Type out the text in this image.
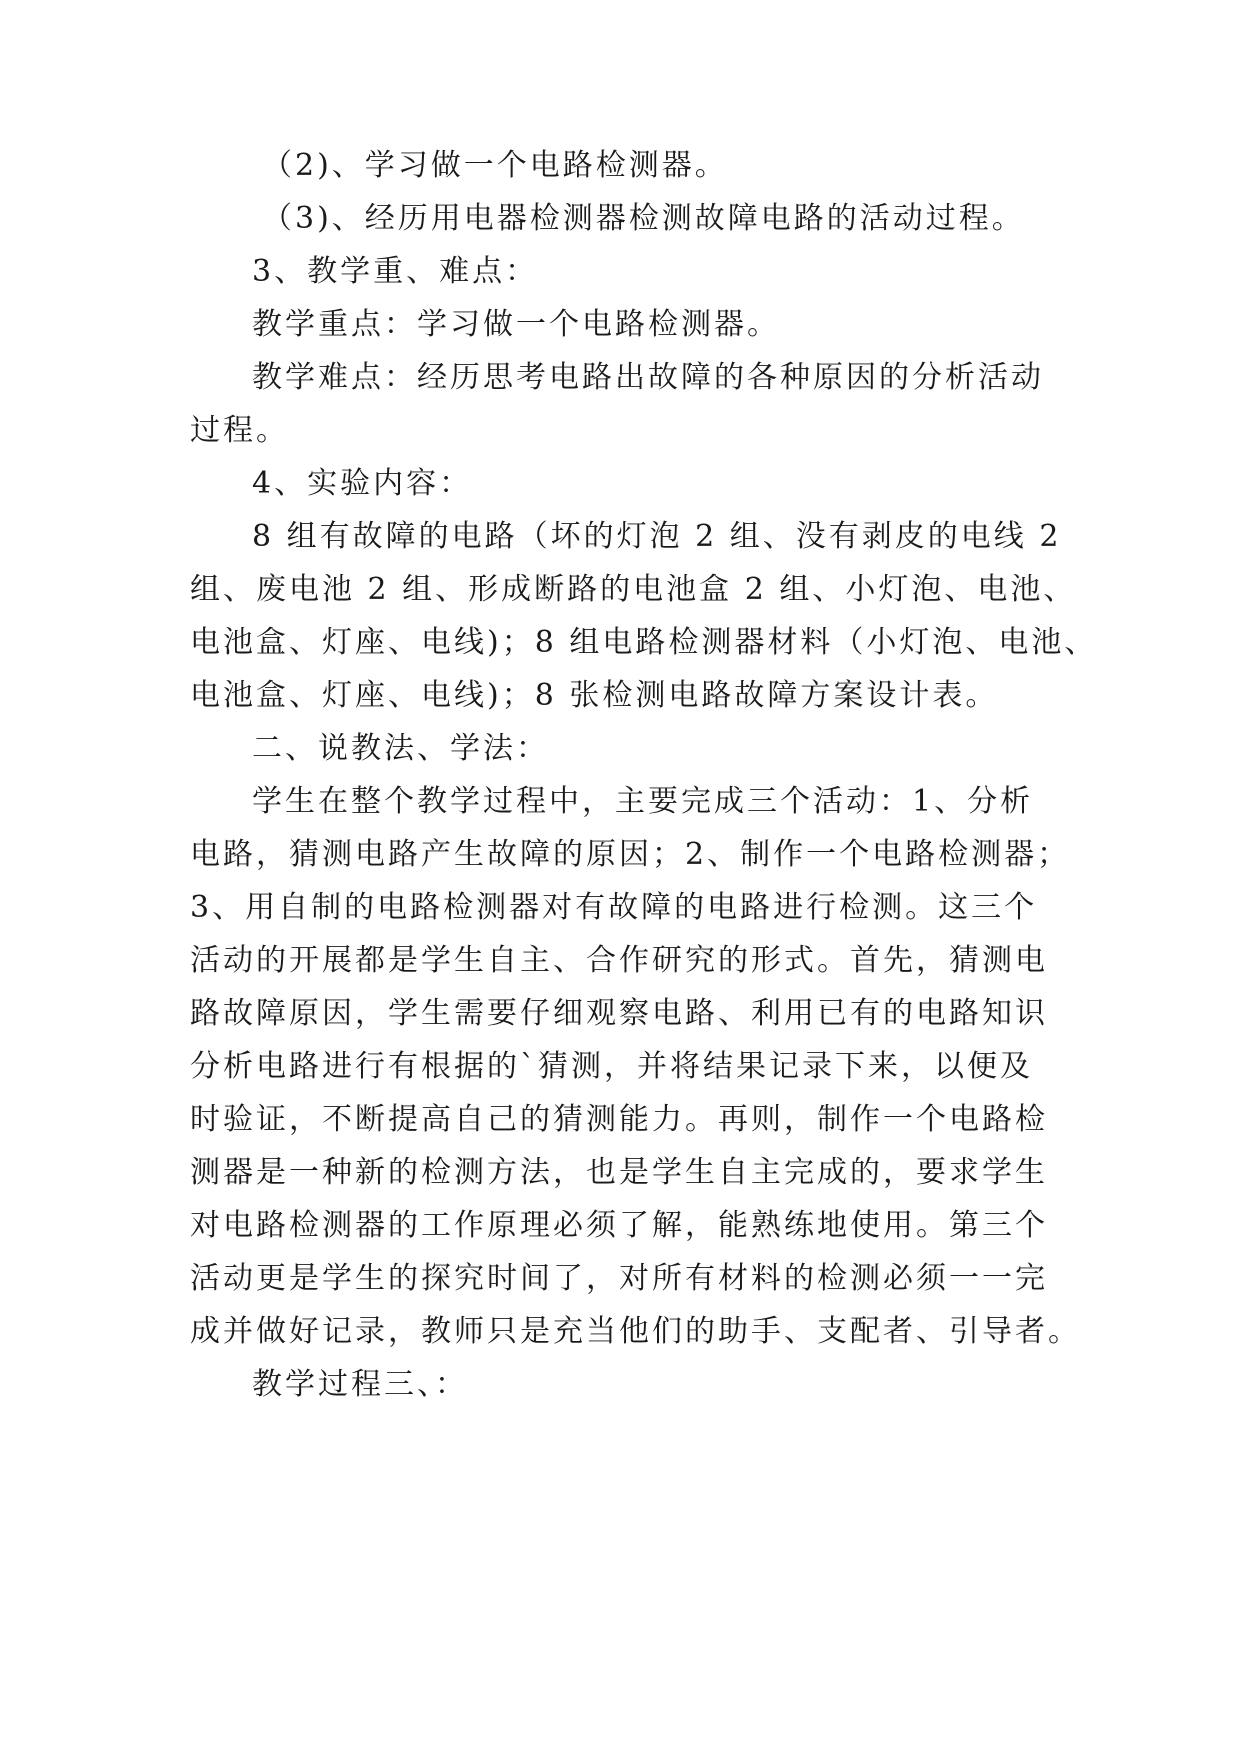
（2)、学习做一个电路检测器。
（3)、经历用电器检测器检测故障电路的活动过程。
3、教学重、难点：
教学重点：学习做一个电路检测器。
教学难点：经历思考电路出故障的各种原因的分析活动
过程。
4、实验内容：
8 组有故障的电路（坏的灯泡 2 组、没有剥皮的电线 2
组、废电池 2 组、形成断路的电池盒 2 组、小灯泡、电池、
电池盒、灯座、电线)；8 组电路检测器材料（小灯泡、电池、
电池盒、灯座、电线)；8 张检测电路故障方案设计表。
二、说教法、学法：
学生在整个教学过程中，主要完成三个活动：1、分析
电路，猜测电路产生故障的原因；2、制作一个电路检测器；
3、用自制的电路检测器对有故障的电路进行检测。这三个
活动的开展都是学生自主、合作研究的形式。首先，猜测电
路故障原因，学生需要仔细观察电路、利用已有的电路知识
分析电路进行有根据的`猜测，并将结果记录下来，以便及
时验证，不断提高自己的猜测能力。再则，制作一个电路检
测器是一种新的检测方法，也是学生自主完成的，要求学生
对电路检测器的工作原理必须了解，能熟练地使用。第三个
活动更是学生的探究时间了，对所有材料的检测必须一一完
成并做好记录，教师只是充当他们的助手、支配者、引导者。
教学过程三、：
